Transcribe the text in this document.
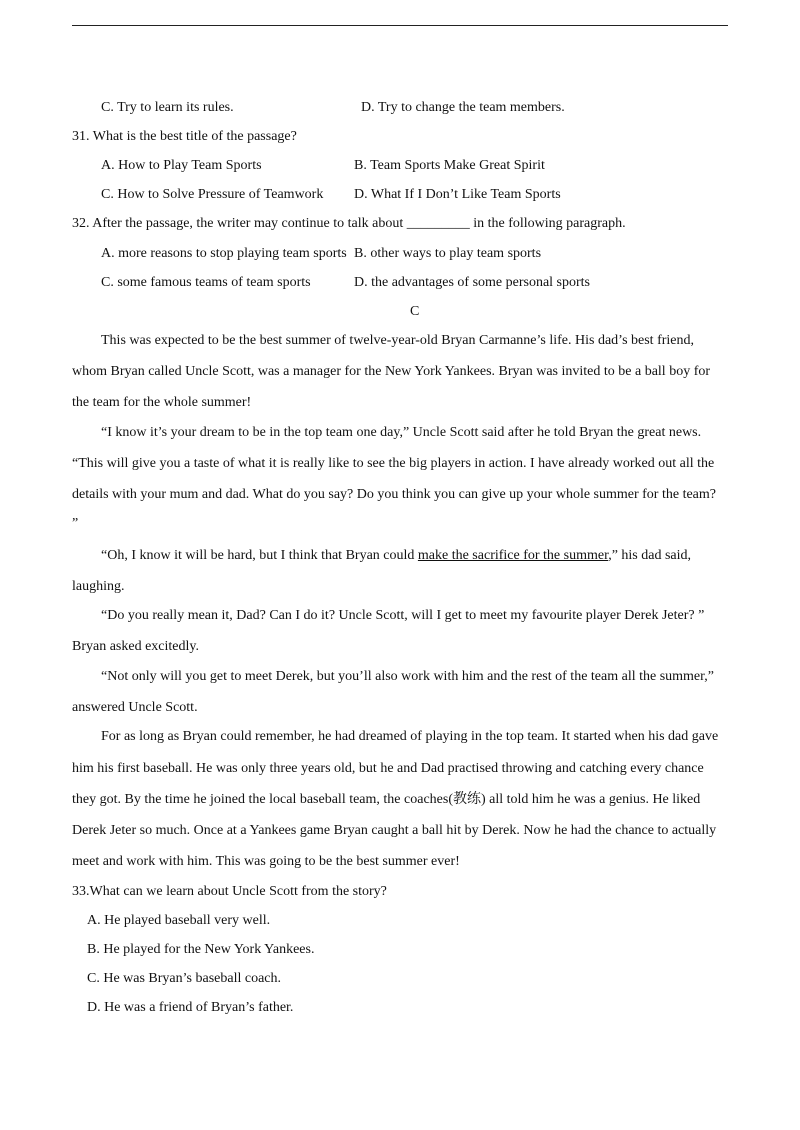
C. Try to learn its rules.	D. Try to change the team members.
31. What is the best title of the passage?
A. How to Play Team Sports	B. Team Sports Make Great Spirit
C. How to Solve Pressure of Teamwork D. What If I Don’t Like Team Sports
32. After the passage, the writer may continue to talk about _________ in the following paragraph.
A. more reasons to stop playing team sports B. other ways to play team sports
C. some famous teams of team sports	D. the advantages of some personal sports
C
This was expected to be the best summer of twelve-year-old Bryan Carmanne’s life. His dad’s best friend,
whom Bryan called Uncle Scott, was a manager for the New York Yankees. Bryan was invited to be a ball boy for
the team for the whole summer!
“I know it’s your dream to be in the top team one day,” Uncle Scott said after he told Bryan the great news.
“This will give you a taste of what it is really like to see the big players in action. I have already worked out all the
details with your mum and dad. What do you say? Do you think you can give up your whole summer for the team?
”
“Oh, I know it will be hard, but I think that Bryan could make the sacrifice for the summer,” his dad said,
laughing.
“Do you really mean it, Dad? Can I do it? Uncle Scott, will I get to meet my favourite player Derek Jeter? ”
Bryan asked excitedly.
“Not only will you get to meet Derek, but you’ll also work with him and the rest of the team all the summer,”
answered Uncle Scott.
For as long as Bryan could remember, he had dreamed of playing in the top team. It started when his dad gave
him his first baseball. He was only three years old, but he and Dad practised throwing and catching every chance
they got. By the time he joined the local baseball team, the coaches(教练) all told him he was a genius. He liked
Derek Jeter so much. Once at a Yankees game Bryan caught a ball hit by Derek. Now he had the chance to actually
meet and work with him. This was going to be the best summer ever!
33.What can we learn about Uncle Scott from the story?
A. He played baseball very well.
B. He played for the New York Yankees.
C. He was Bryan’s baseball coach.
D. He was a friend of Bryan’s father.
